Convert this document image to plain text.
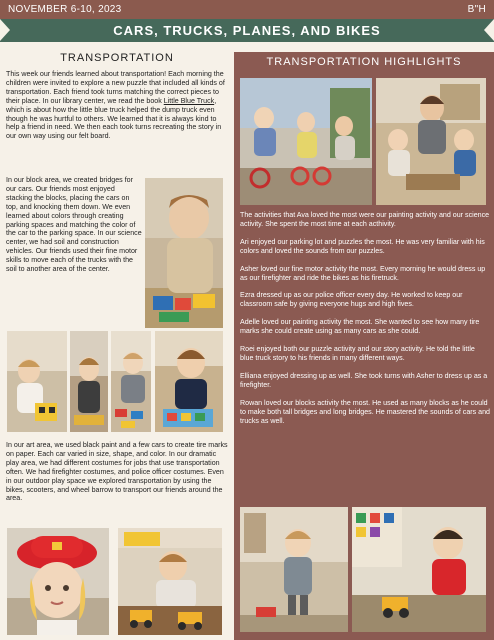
NOVEMBER 6-10, 2023	B"H
CARS, TRUCKS, PLANES, AND BIKES
TRANSPORTATION

This week our friends learned about transportation! Each morning the children were invited to explore a new puzzle that included all kinds of transportation. Each friend took turns matching the correct pieces to their place. In our library center, we read the book Little Blue Truck, which is about how the little blue truck helped the dump truck even though he was hurtful to others. We learned that it is always kind to help a friend in need. We then each took turns recreating the story in our own way using our felt board.

In our block area, we created bridges for our cars. Our friends most enjoyed stacking the blocks, placing the cars on top, and knocking them down. We even learned about colors through creating parking spaces and matching the color of the car to the parking space. In our science center, we had soil and construction vehicles. Our friends used their fine motor skills to move each of the trucks with the soil to another area of the center.

In our art area, we used black paint and a few cars to create tire marks on paper. Each car varied in size, shape, and color. In our dramatic play area, we had different costumes for jobs that use transportation often. We had firefighter costumes, and police officer costumes. Even in our outdoor play space we explored transportation by using the bikes, scooters, and wheel barrow to transport our friends around the area.

TRANSPORTATION HIGHLIGHTS

The activities that Ava loved the most were our painting activity and our science activity. She spent the most time at each acthivity.

Ari enjoyed our parking lot and puzzles the most. He was very familiar with his colors and loved the sounds from our puzzles.

Asher loved our fine motor activity the most. Every morning he would dress up as our firefighter and ride the bikes as his firetruck.

Ezra dressed up as our police officer every day. He worked to keep our classroom safe by giving everyone hugs and high fives.

Adelle loved our painting activity the most. She wanted to see how many tire marks she could create using as many cars as she could.

Roei enjoyed both our puzzle activity and our story activity. He told the little blue truck story to his friends in many different ways.

Elliana enjoyed dressing up as well. She took turns with Asher to dress up as a firefighter.

Rowan loved our blocks activity the most. He used as many blocks as he could to make both tall bridges and long bridges. He mastered the sounds of cars and trucks as well.
